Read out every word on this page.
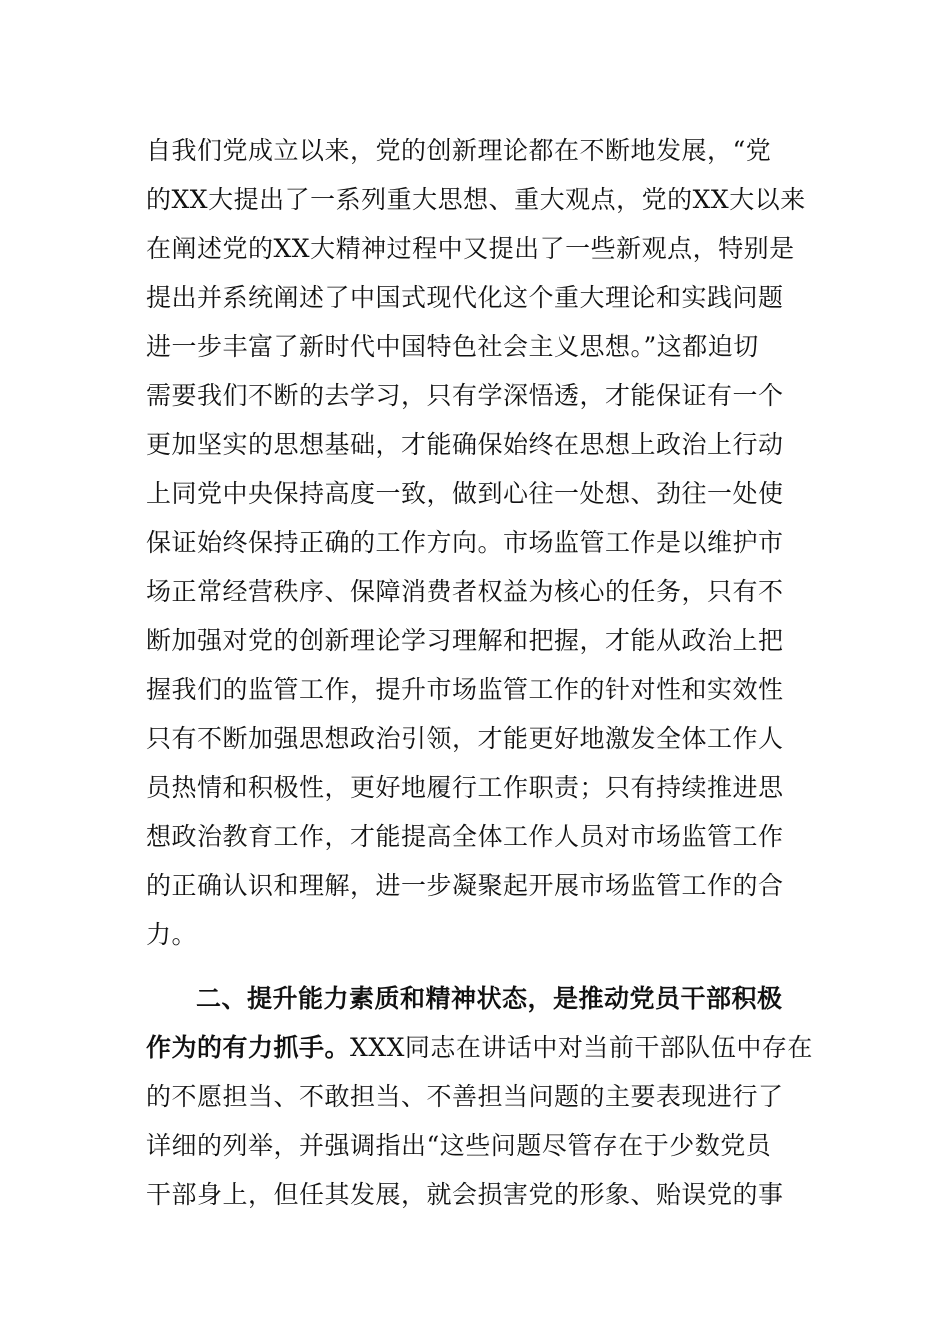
自我们党成立以来，党的创新理论都在不断地发展，“党
的XX大提出了一系列重大思想、重大观点，党的XX大以来
在阐述党的XX大精神过程中又提出了一些新观点，特别是
提出并系统阐述了中国式现代化这个重大理论和实践问题
进一步丰富了新时代中国特色社会主义思想。”这都迫切
需要我们不断的去学习，只有学深悟透，才能保证有一个
更加坚实的思想基础，才能确保始终在思想上政治上行动
上同党中央保持高度一致，做到心往一处想、劲往一处使
保证始终保持正确的工作方向。市场监管工作是以维护市
场正常经营秩序、保障消费者权益为核心的任务，只有不
断加强对党的创新理论学习理解和把握，才能从政治上把
握我们的监管工作，提升市场监管工作的针对性和实效性
只有不断加强思想政治引领，才能更好地激发全体工作人
员热情和积极性，更好地履行工作职责；只有持续推进思
想政治教育工作，才能提高全体工作人员对市场监管工作
的正确认识和理解，进一步凝聚起开展市场监管工作的合
力。
二、提升能力素质和精神状态，是推动党员干部积极
作为的有力抓手。XXX同志在讲话中对当前干部队伍中存在
的不愿担当、不敢担当、不善担当问题的主要表现进行了
详细的列举，并强调指出“这些问题尽管存在于少数党员
干部身上，但任其发展，就会损害党的形象、贻误党的事
